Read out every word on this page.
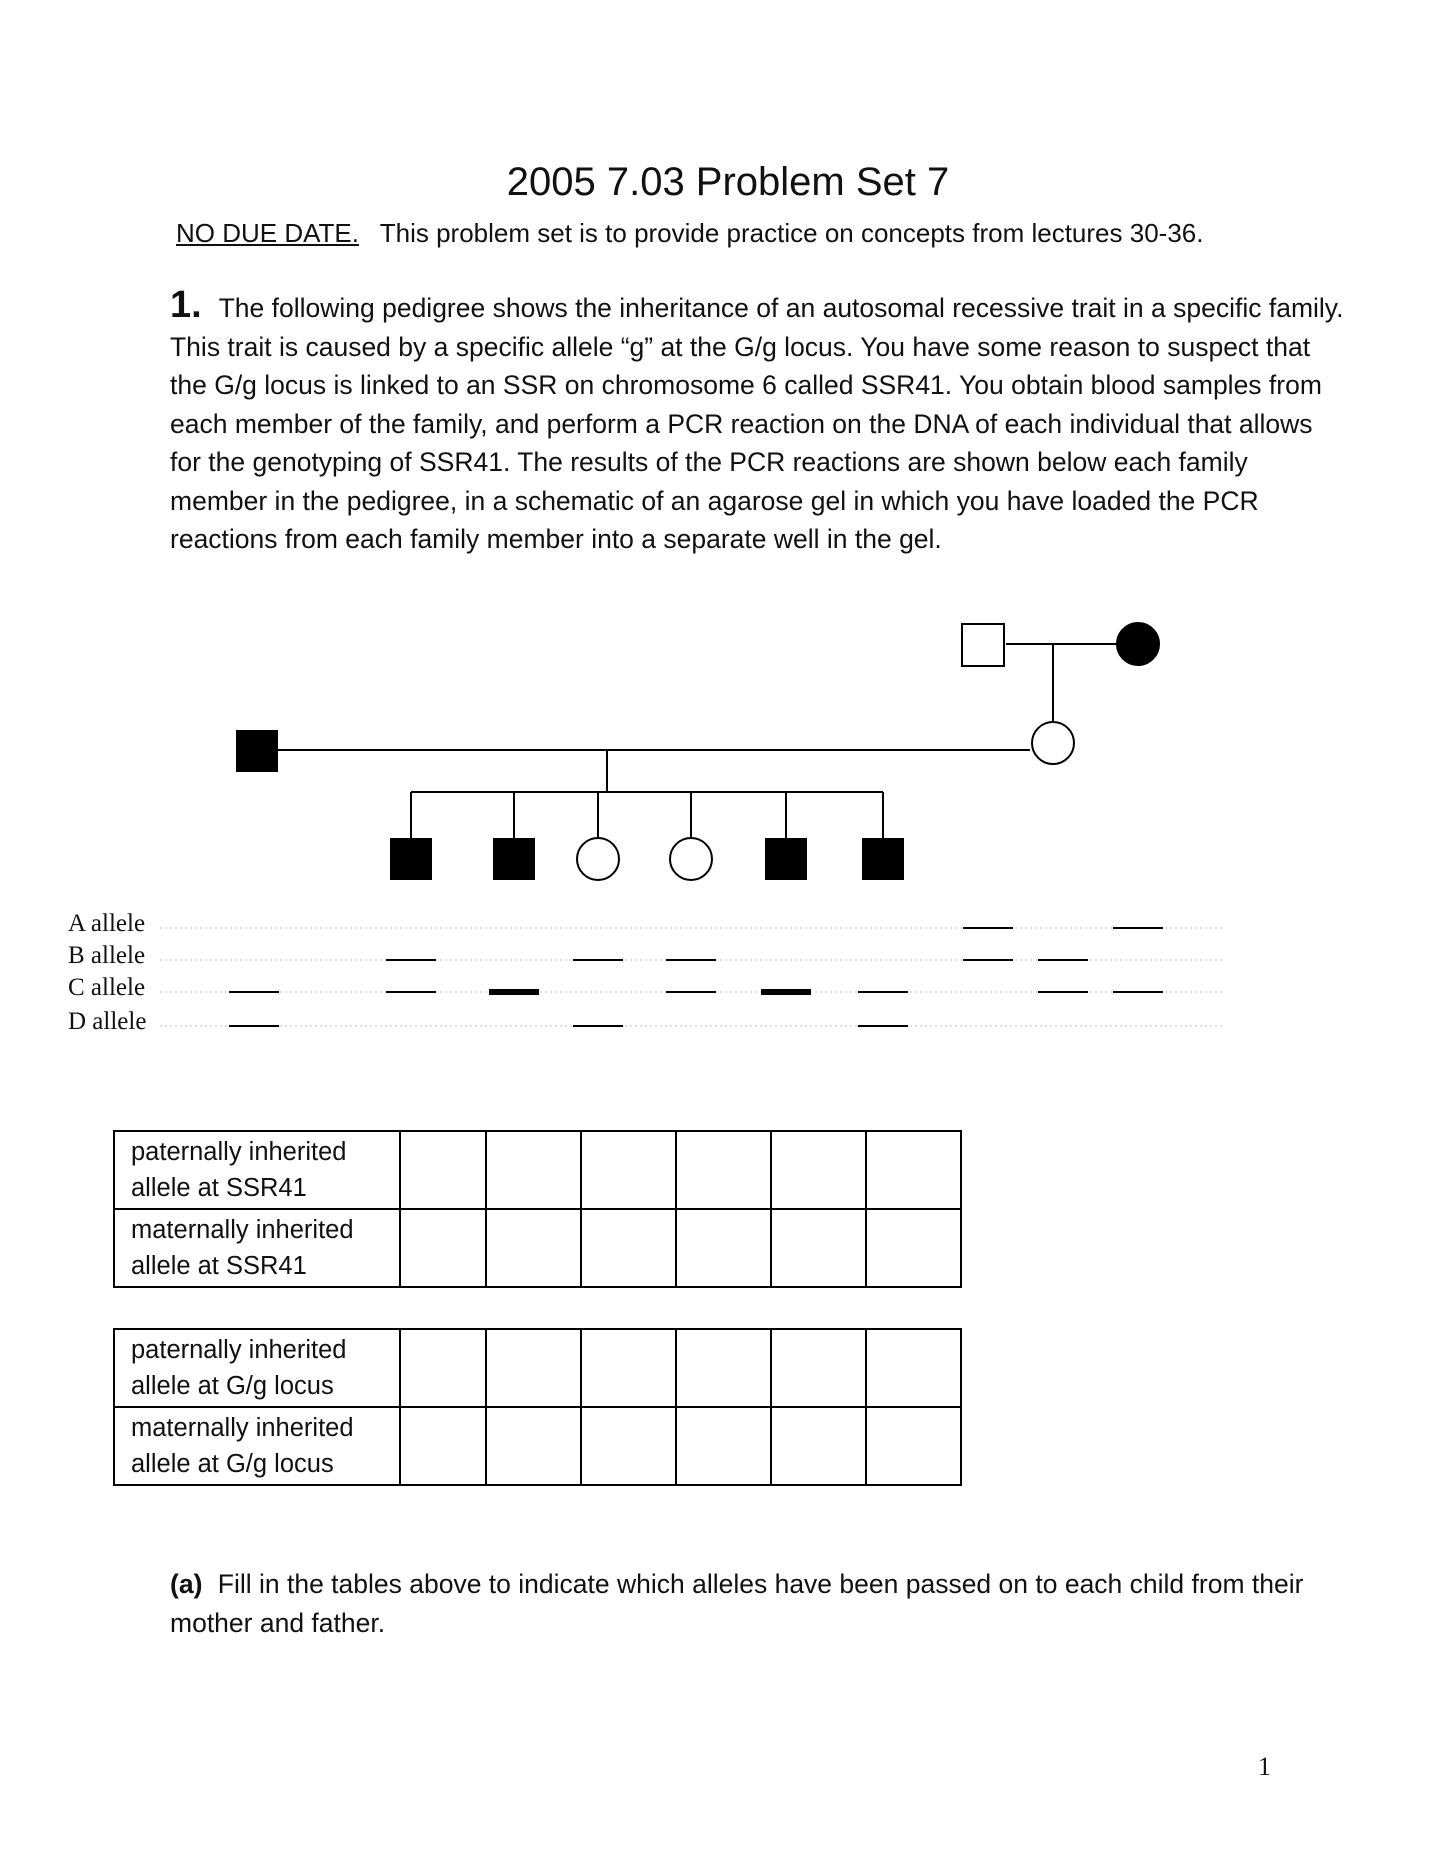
2005 7.03 Problem Set 7
NO DUE DATE. This problem set is to provide practice on concepts from lectures 30-36.
1. The following pedigree shows the inheritance of an autosomal recessive trait in a specific family. This trait is caused by a specific allele “g” at the G/g locus. You have some reason to suspect that the G/g locus is linked to an SSR on chromosome 6 called SSR41. You obtain blood samples from each member of the family, and perform a PCR reaction on the DNA of each individual that allows for the genotyping of SSR41. The results of the PCR reactions are shown below each family member in the pedigree, in a schematic of an agarose gel in which you have loaded the PCR reactions from each family member into a separate well in the gel.
A allele
B allele
C allele
D allele
paternally inherited
allele at SSR41						
maternally inherited
allele at SSR41						
paternally inherited
allele at G/g locus						
maternally inherited
allele at G/g locus						
(a) Fill in the tables above to indicate which alleles have been passed on to each child from their mother and father.
1
